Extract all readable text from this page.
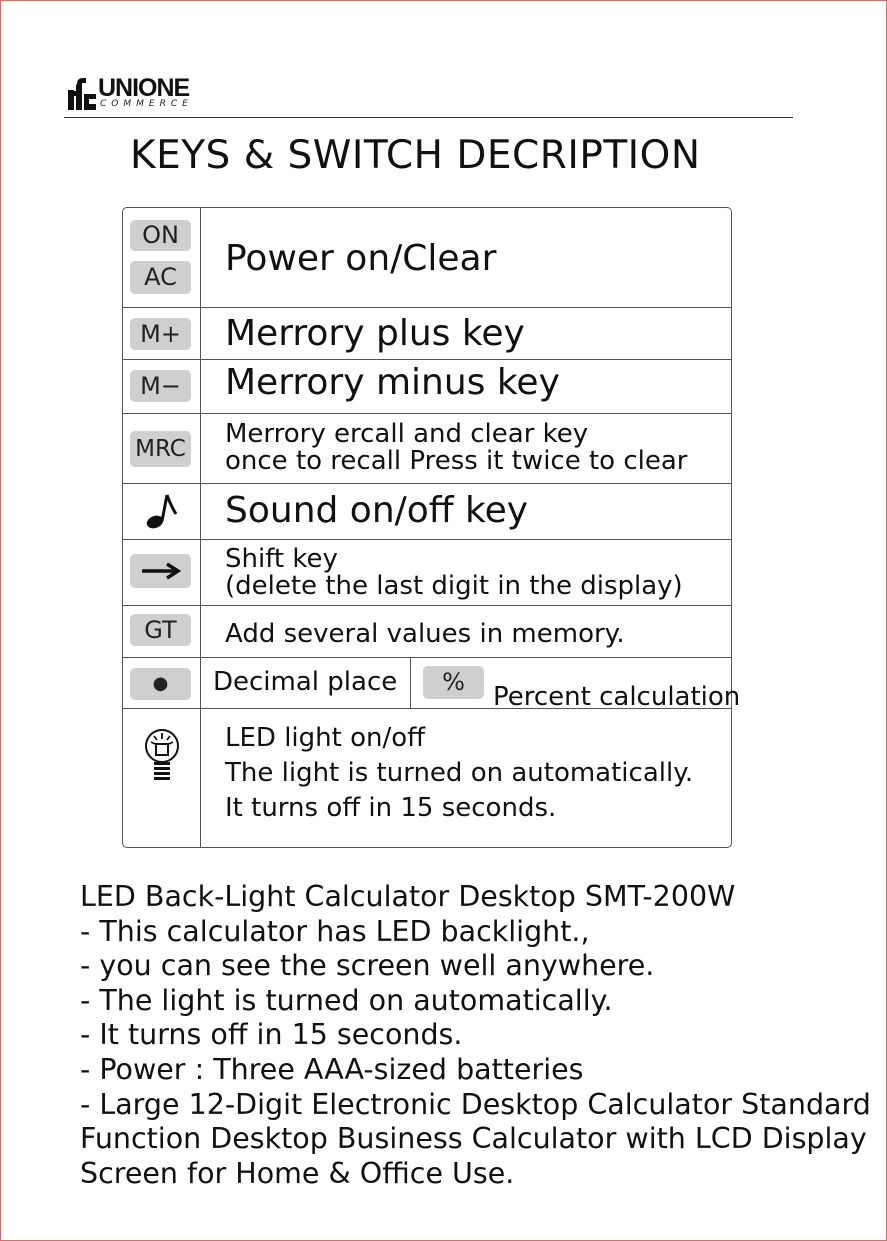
UNIONE
COMMERCE
KEYS & SWITCH DECRIPTION
ON
AC	Power on/Clear
M+ Merrory plus key
M− Merrory minus key
MRC Merrory ercall and clear key
once to recall Press it twice to clear
Sound on/off key
Shift key
(delete the last digit in the display)
GT	Add several values in memory.
●	Decimal place	%	Percent calculation
LED light on/off
The light is turned on automatically.
It turns off in 15 seconds.
LED Back-Light Calculator Desktop SMT-200W
- This calculator has LED backlight.,
- you can see the screen well anywhere.
- The light is turned on automatically.
- It turns off in 15 seconds.
- Power : Three AAA-sized batteries
- Large 12-Digit Electronic Desktop Calculator Standard
Function Desktop Business Calculator with LCD Display
Screen for Home & Office Use.
